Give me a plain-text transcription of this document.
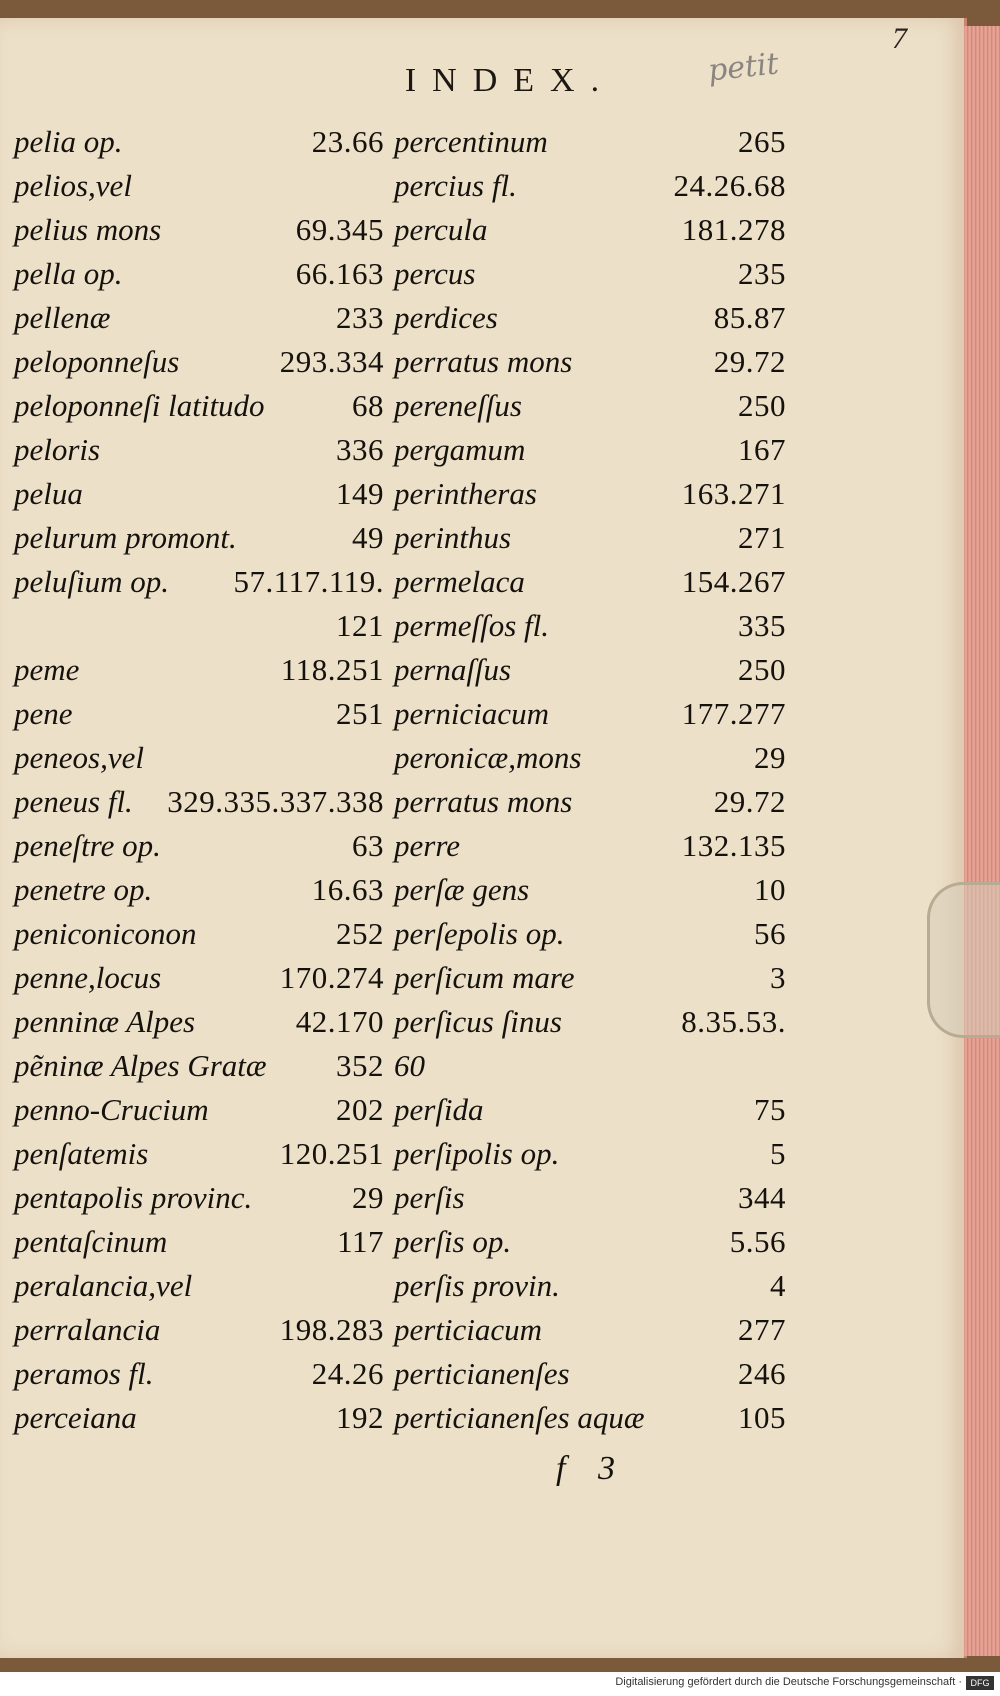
7
petit
INDEX.
pelia op.	23.66
pelios,vel
pelius mons	69.345
pella op.	66.163
pellenæ	233
peloponneſus	293.334
peloponneſi latitudo	68
peloris	336
pelua	149
pelurum promont.	49
peluſium op. 57.117.119.
121
peme	118.251
pene	251
peneos,vel
peneus fl. 329.335.337.338
peneſtre op.	63
penetre op.	16.63
peniconiconon	252
penne,locus	170.274
penninæ Alpes	42.170
pẽninæ Alpes Gratæ 352
penno-Crucium	202
penſatemis	120.251
pentapolis provinc.	29
pentaſcinum	117
peralancia,vel
perralancia	198.283
peramos fl.	24.26
perceiana	192
percentinum	265
percius fl.	24.26.68
percula	181.278
percus	235
perdices	85.87
perratus mons	29.72
pereneſſus	250
pergamum	167
perintheras	163.271
perinthus	271
permelaca	154.267
permeſſos fl.	335
pernaſſus	250
perniciacum	177.277
peronicæ,mons	29
perratus mons	29.72
perre	132.135
perſæ gens	10
perſepolis op.	56
perſicum mare	3
perſicus ſinus	8.35.53.
60
perſida	75
perſipolis op.	5
perſis	344
perſis op.	5.56
perſis provin.	4
perticiacum	277
perticianenſes	246
perticianenſes aquæ	105
f 3
Digitalisierung gefördert durch die Deutsche Forschungsgemeinschaft · DFG
